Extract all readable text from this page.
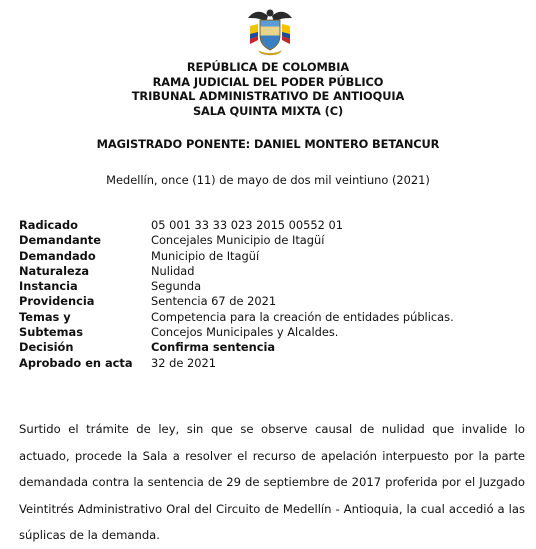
REPÚBLICA DE COLOMBIA
RAMA JUDICIAL DEL PODER PÚBLICO
TRIBUNAL ADMINISTRATIVO DE ANTIOQUIA
SALA QUINTA MIXTA (C)
MAGISTRADO PONENTE: DANIEL MONTERO BETANCUR
Medellín, once (11) de mayo de dos mil veintiuno (2021)
Radicado	05 001 33 33 023 2015 00552 01
Demandante	Concejales Municipio de Itagüí
Demandado	Municipio de Itagüí
Naturaleza	Nulidad
Instancia	Segunda
Providencia	Sentencia 67 de 2021
Temas y	Competencia para la creación de entidades públicas.
Subtemas	Concejos Municipales y Alcaldes.
Decisión	Confirma sentencia
Aprobado en acta	32 de 2021
Surtido el trámite de ley, sin que se observe causal de nulidad que invalide lo actuado, procede la Sala a resolver el recurso de apelación interpuesto por la parte demandada contra la sentencia de 29 de septiembre de 2017 proferida por el Juzgado Veintitrés Administrativo Oral del Circuito de Medellín - Antioquia, la cual accedió a las súplicas de la demanda.
